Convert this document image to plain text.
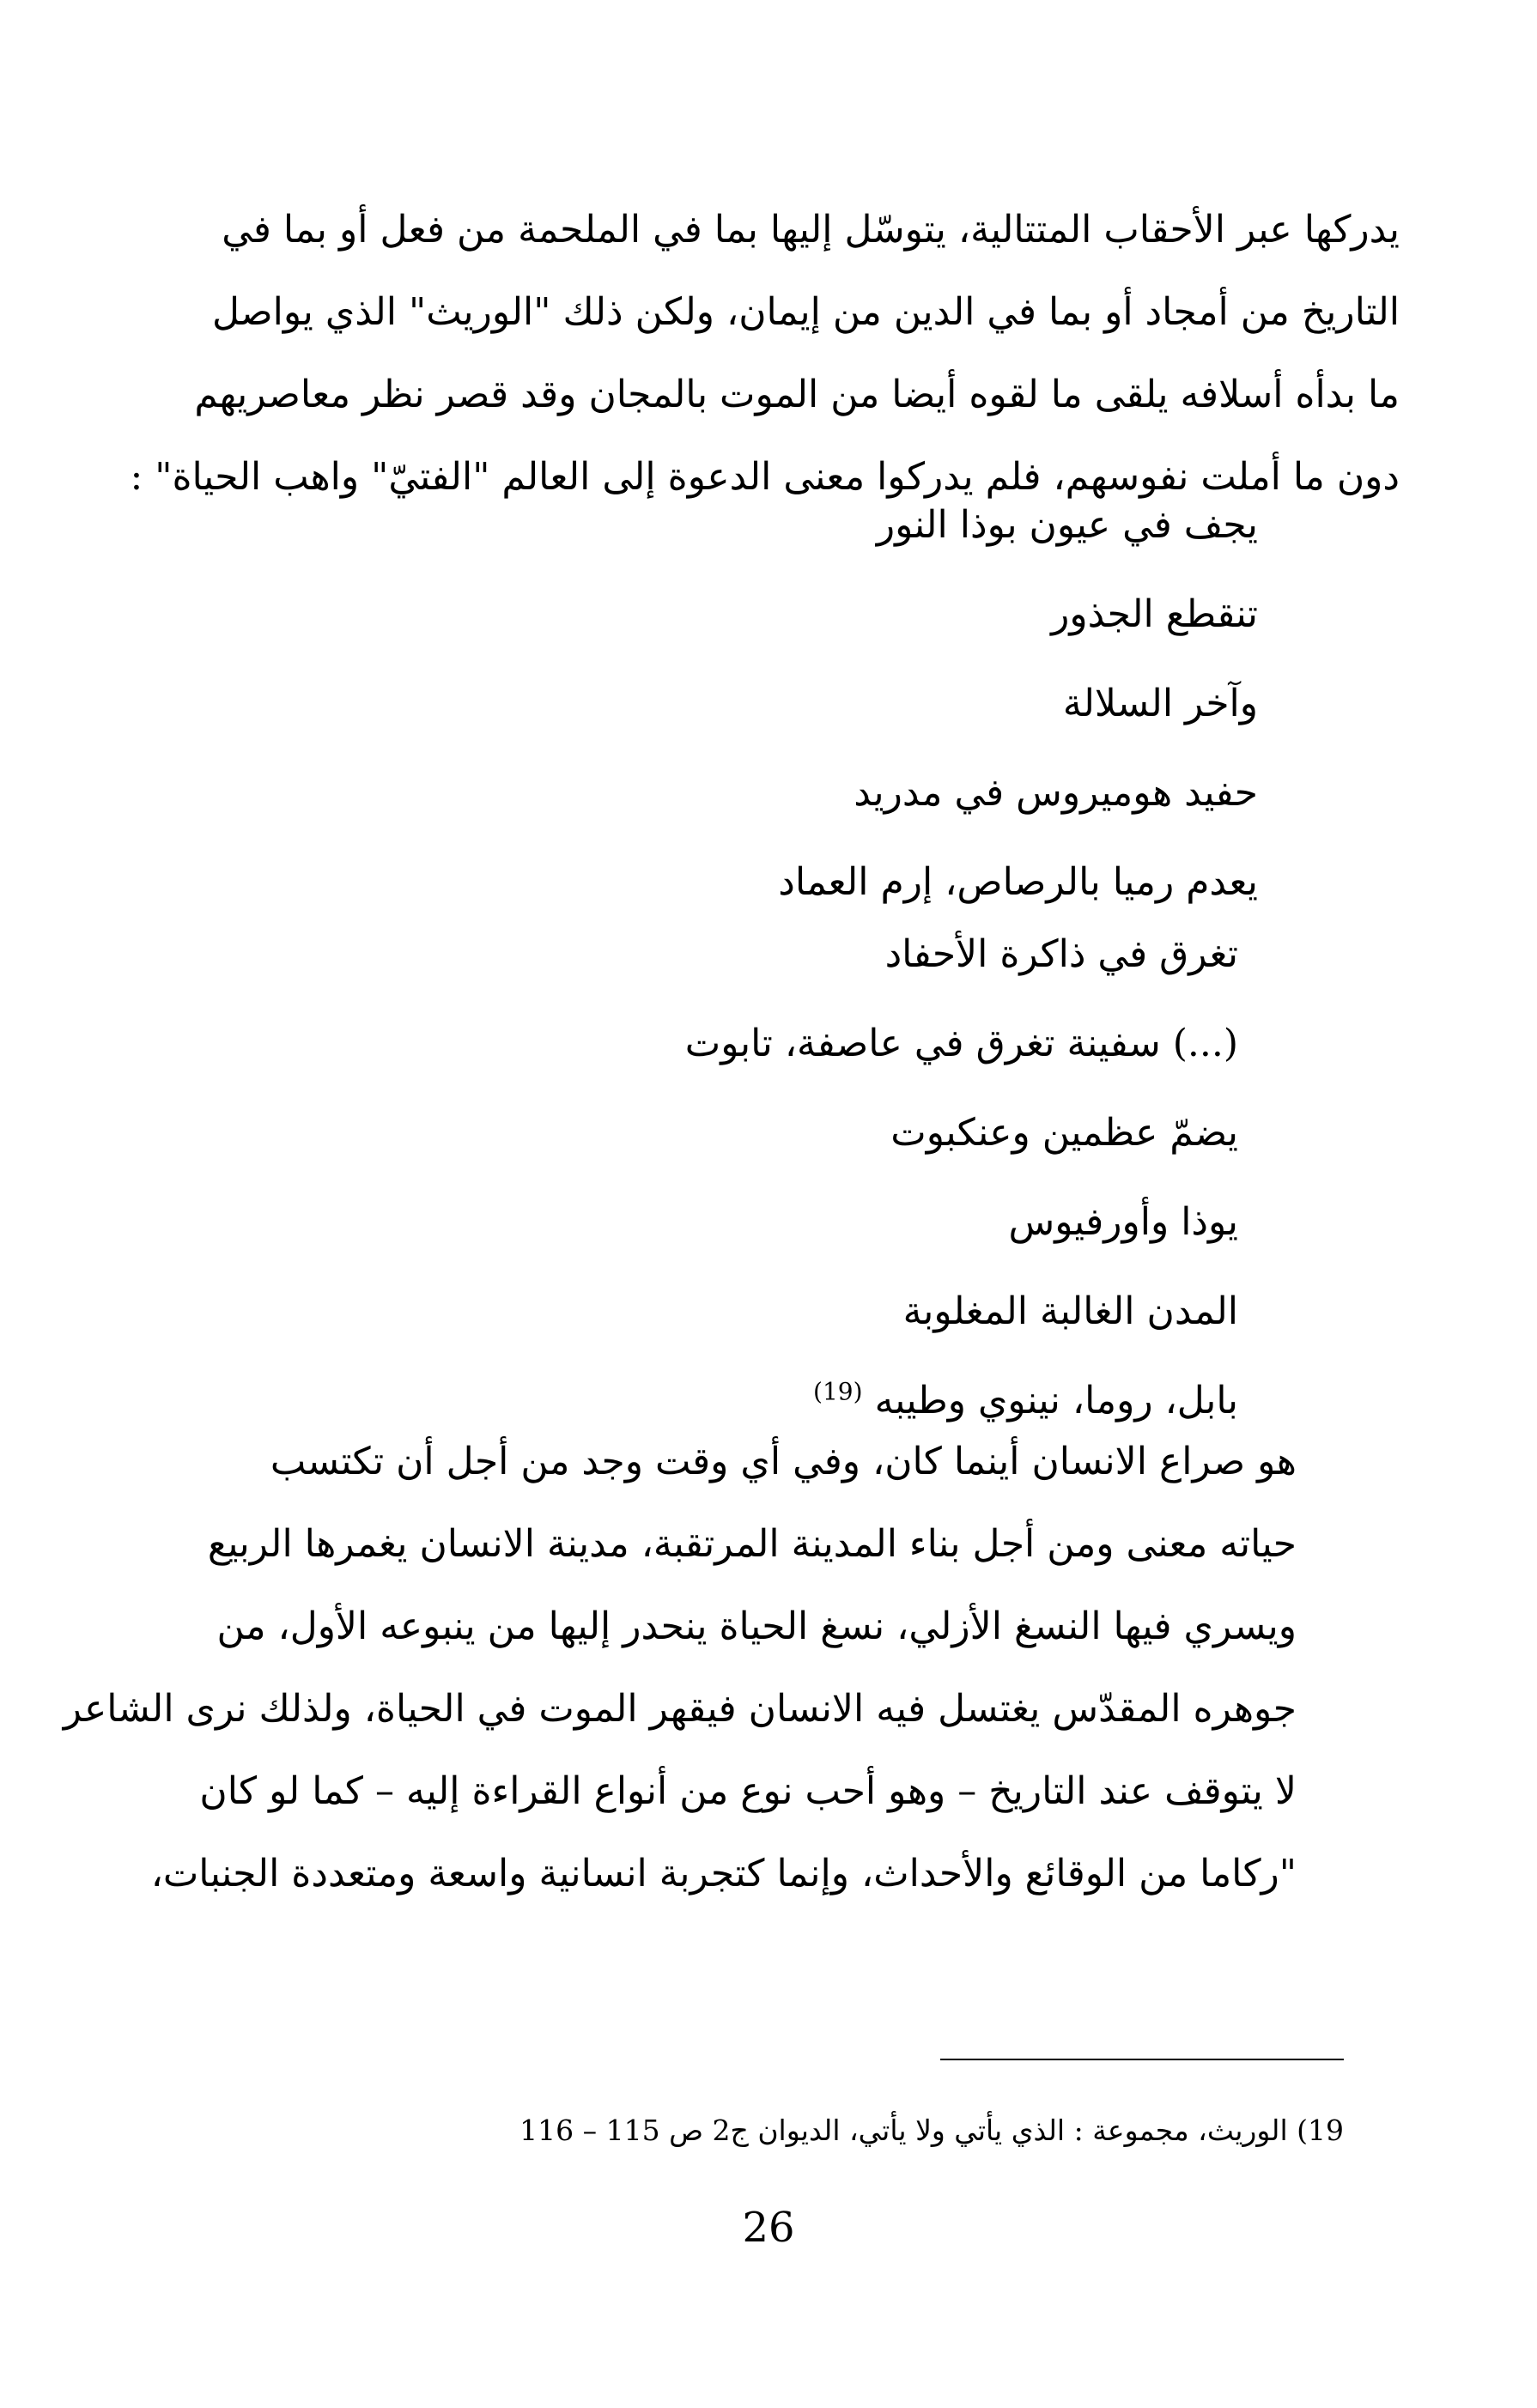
يدركها عبر الأحقاب المتتالية، يتوسّل إليها بما في الملحمة من فعل أو بما في
التاريخ من أمجاد أو بما في الدين من إيمان، ولكن ذلك "الوريث" الذي يواصل
ما بدأه أسلافه يلقى ما لقوه أيضا من الموت بالمجان وقد قصر نظر معاصريهم
دون ما أملت نفوسهم، فلم يدركوا معنى الدعوة إلى العالم "الفتيّ" واهب الحياة" :
يجف في عيون بوذا النور
تنقطع الجذور
وآخر السلالة
حفيد هوميروس في مدريد
يعدم رميا بالرصاص، إرم العماد
تغرق في ذاكرة الأحفاد
(...) سفينة تغرق في عاصفة، تابوت
يضمّ عظمين وعنكبوت
يوذا وأورفيوس
المدن الغالبة المغلوبة
بابل، روما، نينوي وطيبه $^{(19)}$
هو صراع الانسان أينما كان، وفي أي وقت وجد من أجل أن تكتسب
حياته معنى ومن أجل بناء المدينة المرتقبة، مدينة الانسان يغمرها الربيع
ويسري فيها النسغ الأزلي، نسغ الحياة ينحدر إليها من ينبوعه الأول، من
جوهره المقدّس يغتسل فيه الانسان فيقهر الموت في الحياة، ولذلك نرى الشاعر
لا يتوقف عند التاريخ – وهو أحب نوع من أنواع القراءة إليه – كما لو كان
"ركاما من الوقائع والأحداث، وإنما كتجربة انسانية واسعة ومتعددة الجنبات،
19) الوريث، مجموعة : الذي يأتي ولا يأتي، الديوان ج2 ص 115 – 116
26
